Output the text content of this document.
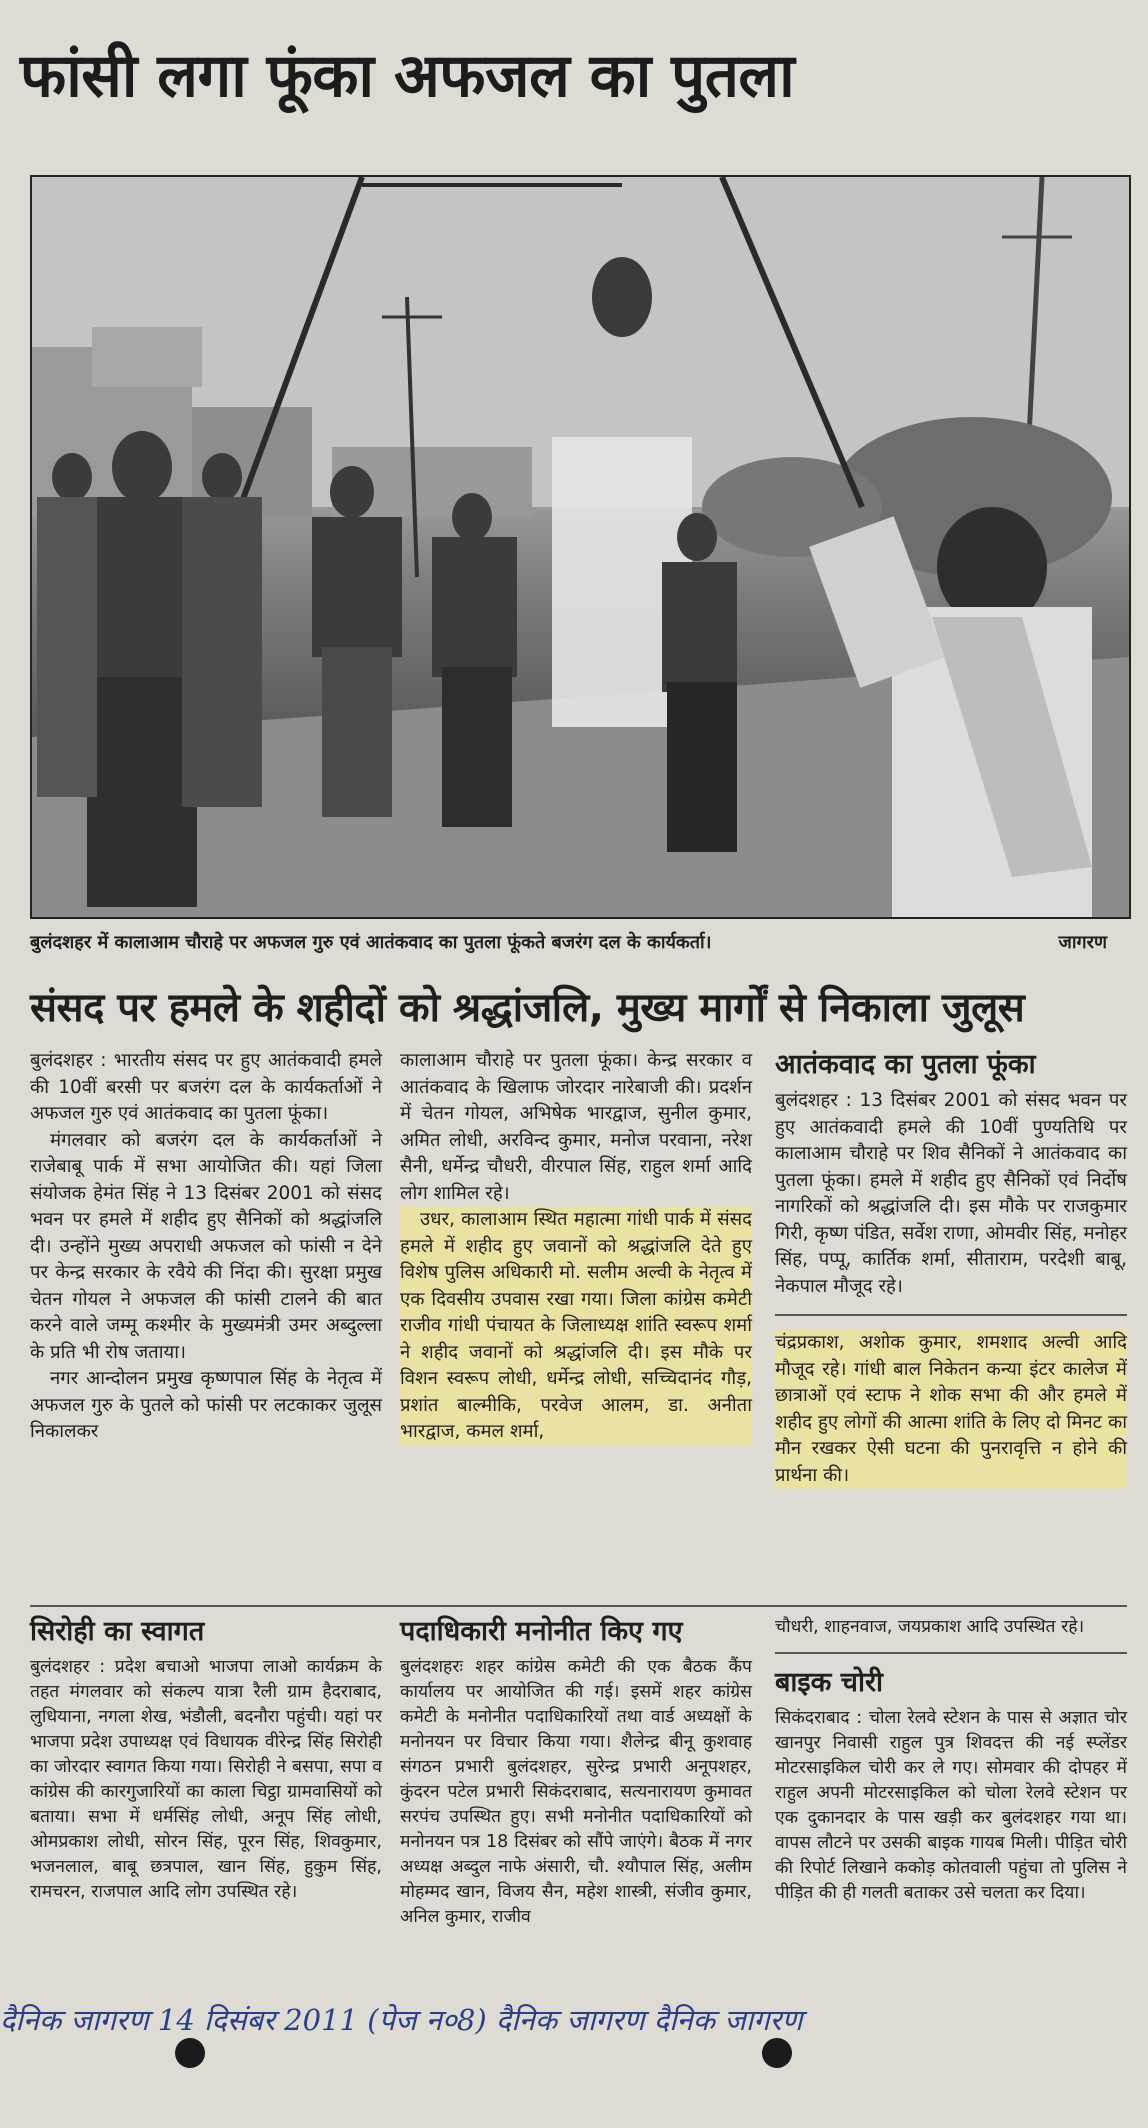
फांसी लगा फूंका अफजल का पुतला
बुलंदशहर में कालाआम चौराहे पर अफजल गुरु एवं आतंकवाद का पुतला फूंकते बजरंग दल के कार्यकर्ता।	जागरण
संसद पर हमले के शहीदों को श्रद्धांजलि, मुख्य मार्गों से निकाला जुलूस

बुलंदशहर : भारतीय संसद पर हुए आतंकवादी हमले की 10वीं बरसी पर बजरंग दल के कार्यकर्ताओं ने अफजल गुरु एवं आतंकवाद का पुतला फूंका।

मंगलवार को बजरंग दल के कार्यकर्ताओं ने राजेबाबू पार्क में सभा आयोजित की। यहां जिला संयोजक हेमंत सिंह ने 13 दिसंबर 2001 को संसद भवन पर हमले में शहीद हुए सैनिकों को श्रद्धांजलि दी। उन्होंने मुख्य अपराधी अफजल को फांसी न देने पर केन्द्र सरकार के रवैये की निंदा की। सुरक्षा प्रमुख चेतन गोयल ने अफजल की फांसी टालने की बात करने वाले जम्मू कश्मीर के मुख्यमंत्री उमर अब्दुल्ला के प्रति भी रोष जताया।

नगर आन्दोलन प्रमुख कृष्णपाल सिंह के नेतृत्व में अफजल गुरु के पुतले को फांसी पर लटकाकर जुलूस निकालकर

कालाआम चौराहे पर पुतला फूंका। केन्द्र सरकार व आतंकवाद के खिलाफ जोरदार नारेबाजी की। प्रदर्शन में चेतन गोयल, अभिषेक भारद्वाज, सुनील कुमार, अमित लोधी, अरविन्द कुमार, मनोज परवाना, नरेश सैनी, धर्मेन्द्र चौधरी, वीरपाल सिंह, राहुल शर्मा आदि लोग शामिल रहे।

उधर, कालाआम स्थित महात्मा गांधी पार्क में संसद हमले में शहीद हुए जवानों को श्रद्धांजलि देते हुए विशेष पुलिस अधिकारी मो. सलीम अल्वी के नेतृत्व में एक दिवसीय उपवास रखा गया। जिला कांग्रेस कमेटी राजीव गांधी पंचायत के जिलाध्यक्ष शांति स्वरूप शर्मा ने शहीद जवानों को श्रद्धांजलि दी। इस मौके पर विशन स्वरूप लोधी, धर्मेन्द्र लोधी, सच्चिदानंद गौड़, प्रशांत बाल्मीकि, परवेज आलम, डा. अनीता भारद्वाज, कमल शर्मा,

आतंकवाद का पुतला फूंका

बुलंदशहर : 13 दिसंबर 2001 को संसद भवन पर हुए आतंकवादी हमले की 10वीं पुण्यतिथि पर कालाआम चौराहे पर शिव सैनिकों ने आतंकवाद का पुतला फूंका। हमले में शहीद हुए सैनिकों एवं निर्दोष नागरिकों को श्रद्धांजलि दी। इस मौके पर राजकुमार गिरी, कृष्ण पंडित, सर्वेश राणा, ओमवीर सिंह, मनोहर सिंह, पप्पू, कार्तिक शर्मा, सीताराम, परदेशी बाबू, नेकपाल मौजूद रहे।

चंद्रप्रकाश, अशोक कुमार, शमशाद अल्वी आदि मौजूद रहे। गांधी बाल निकेतन कन्या इंटर कालेज में छात्राओं एवं स्टाफ ने शोक सभा की और हमले में शहीद हुए लोगों की आत्मा शांति के लिए दो मिनट का मौन रखकर ऐसी घटना की पुनरावृत्ति न होने की प्रार्थना की।

सिरोही का स्वागत

बुलंदशहर : प्रदेश बचाओ भाजपा लाओ कार्यक्रम के तहत मंगलवार को संकल्प यात्रा रैली ग्राम हैदराबाद, लुधियाना, नगला शेख, भंडौली, बदनौरा पहुंची। यहां पर भाजपा प्रदेश उपाध्यक्ष एवं विधायक वीरेन्द्र सिंह सिरोही का जोरदार स्वागत किया गया। सिरोही ने बसपा, सपा व कांग्रेस की कारगुजारियों का काला चिट्ठा ग्रामवासियों को बताया। सभा में धर्मसिंह लोधी, अनूप सिंह लोधी, ओमप्रकाश लोधी, सोरन सिंह, पूरन सिंह, शिवकुमार, भजनलाल, बाबू छत्रपाल, खान सिंह, हुकुम सिंह, रामचरन, राजपाल आदि लोग उपस्थित रहे।

पदाधिकारी मनोनीत किए गए

बुलंदशहरः शहर कांग्रेस कमेटी की एक बैठक कैंप कार्यालय पर आयोजित की गई। इसमें शहर कांग्रेस कमेटी के मनोनीत पदाधिकारियों तथा वार्ड अध्यक्षों के मनोनयन पर विचार किया गया। शैलेन्द्र बीनू कुशवाह संगठन प्रभारी बुलंदशहर, सुरेन्द्र प्रभारी अनूपशहर, कुंदरन पटेल प्रभारी सिकंदराबाद, सत्यनारायण कुमावत सरपंच उपस्थित हुए। सभी मनोनीत पदाधिकारियों को मनोनयन पत्र 18 दिसंबर को सौंपे जाएंगे। बैठक में नगर अध्यक्ष अब्दुल नाफे अंसारी, चौ. श्यौपाल सिंह, अलीम मोहम्मद खान, विजय सैन, महेश शास्त्री, संजीव कुमार, अनिल कुमार, राजीव

चौधरी, शाहनवाज, जयप्रकाश आदि उपस्थित रहे।

बाइक चोरी

सिकंदराबाद : चोला रेलवे स्टेशन के पास से अज्ञात चोर खानपुर निवासी राहुल पुत्र शिवदत्त की नई स्प्लेंडर मोटरसाइकिल चोरी कर ले गए। सोमवार की दोपहर में राहुल अपनी मोटरसाइकिल को चोला रेलवे स्टेशन पर एक दुकानदार के पास खड़ी कर बुलंदशहर गया था। वापस लौटने पर उसकी बाइक गायब मिली। पीड़ित चोरी की रिपोर्ट लिखाने ककोड़ कोतवाली पहुंचा तो पुलिस ने पीड़ित की ही गलती बताकर उसे चलता कर दिया।

दैनिक जागरण 14 दिसंबर 2011 (पेज न०8) दैनिक जागरण दैनिक जागरण
